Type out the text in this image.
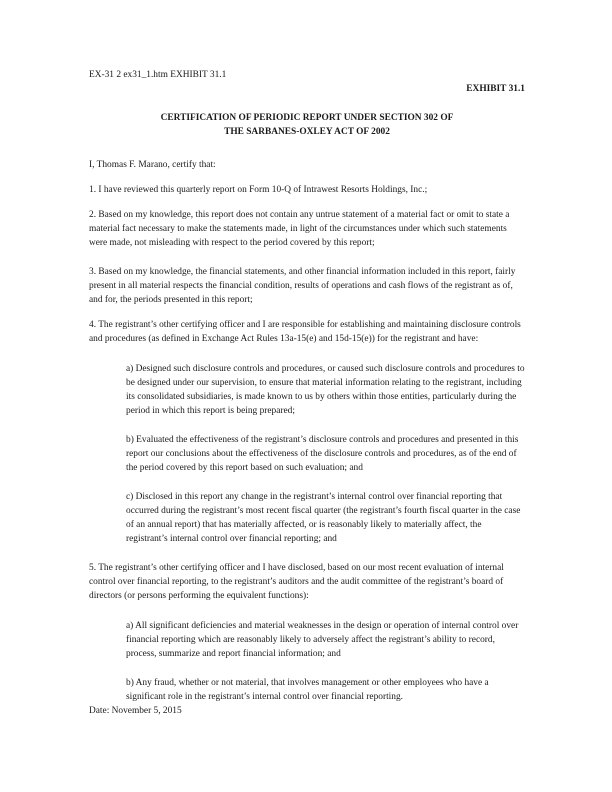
EX-31 2 ex31_1.htm EXHIBIT 31.1

EXHIBIT 31.1

CERTIFICATION OF PERIODIC REPORT UNDER SECTION 302 OF
THE SARBANES-OXLEY ACT OF 2002

I, Thomas F. Marano, certify that:

1. I have reviewed this quarterly report on Form 10-Q of Intrawest Resorts Holdings, Inc.;

2. Based on my knowledge, this report does not contain any untrue statement of a material fact or omit to state a material fact necessary to make the statements made, in light of the circumstances under which such statements were made, not misleading with respect to the period covered by this report;

3. Based on my knowledge, the financial statements, and other financial information included in this report, fairly present in all material respects the financial condition, results of operations and cash flows of the registrant as of, and for, the periods presented in this report;

4. The registrant’s other certifying officer and I are responsible for establishing and maintaining disclosure controls and procedures (as defined in Exchange Act Rules 13a-15(e) and 15d-15(e)) for the registrant and have:

a) Designed such disclosure controls and procedures, or caused such disclosure controls and procedures to be designed under our supervision, to ensure that material information relating to the registrant, including its consolidated subsidiaries, is made known to us by others within those entities, particularly during the period in which this report is being prepared;

b) Evaluated the effectiveness of the registrant’s disclosure controls and procedures and presented in this report our conclusions about the effectiveness of the disclosure controls and procedures, as of the end of the period covered by this report based on such evaluation; and

c) Disclosed in this report any change in the registrant’s internal control over financial reporting that occurred during the registrant’s most recent fiscal quarter (the registrant’s fourth fiscal quarter in the case of an annual report) that has materially affected, or is reasonably likely to materially affect, the registrant’s internal control over financial reporting; and

5. The registrant’s other certifying officer and I have disclosed, based on our most recent evaluation of internal control over financial reporting, to the registrant’s auditors and the audit committee of the registrant’s board of directors (or persons performing the equivalent functions):

a) All significant deficiencies and material weaknesses in the design or operation of internal control over financial reporting which are reasonably likely to adversely affect the registrant’s ability to record, process, summarize and report financial information; and

b) Any fraud, whether or not material, that involves management or other employees who have a significant role in the registrant’s internal control over financial reporting.

Date: November 5, 2015
